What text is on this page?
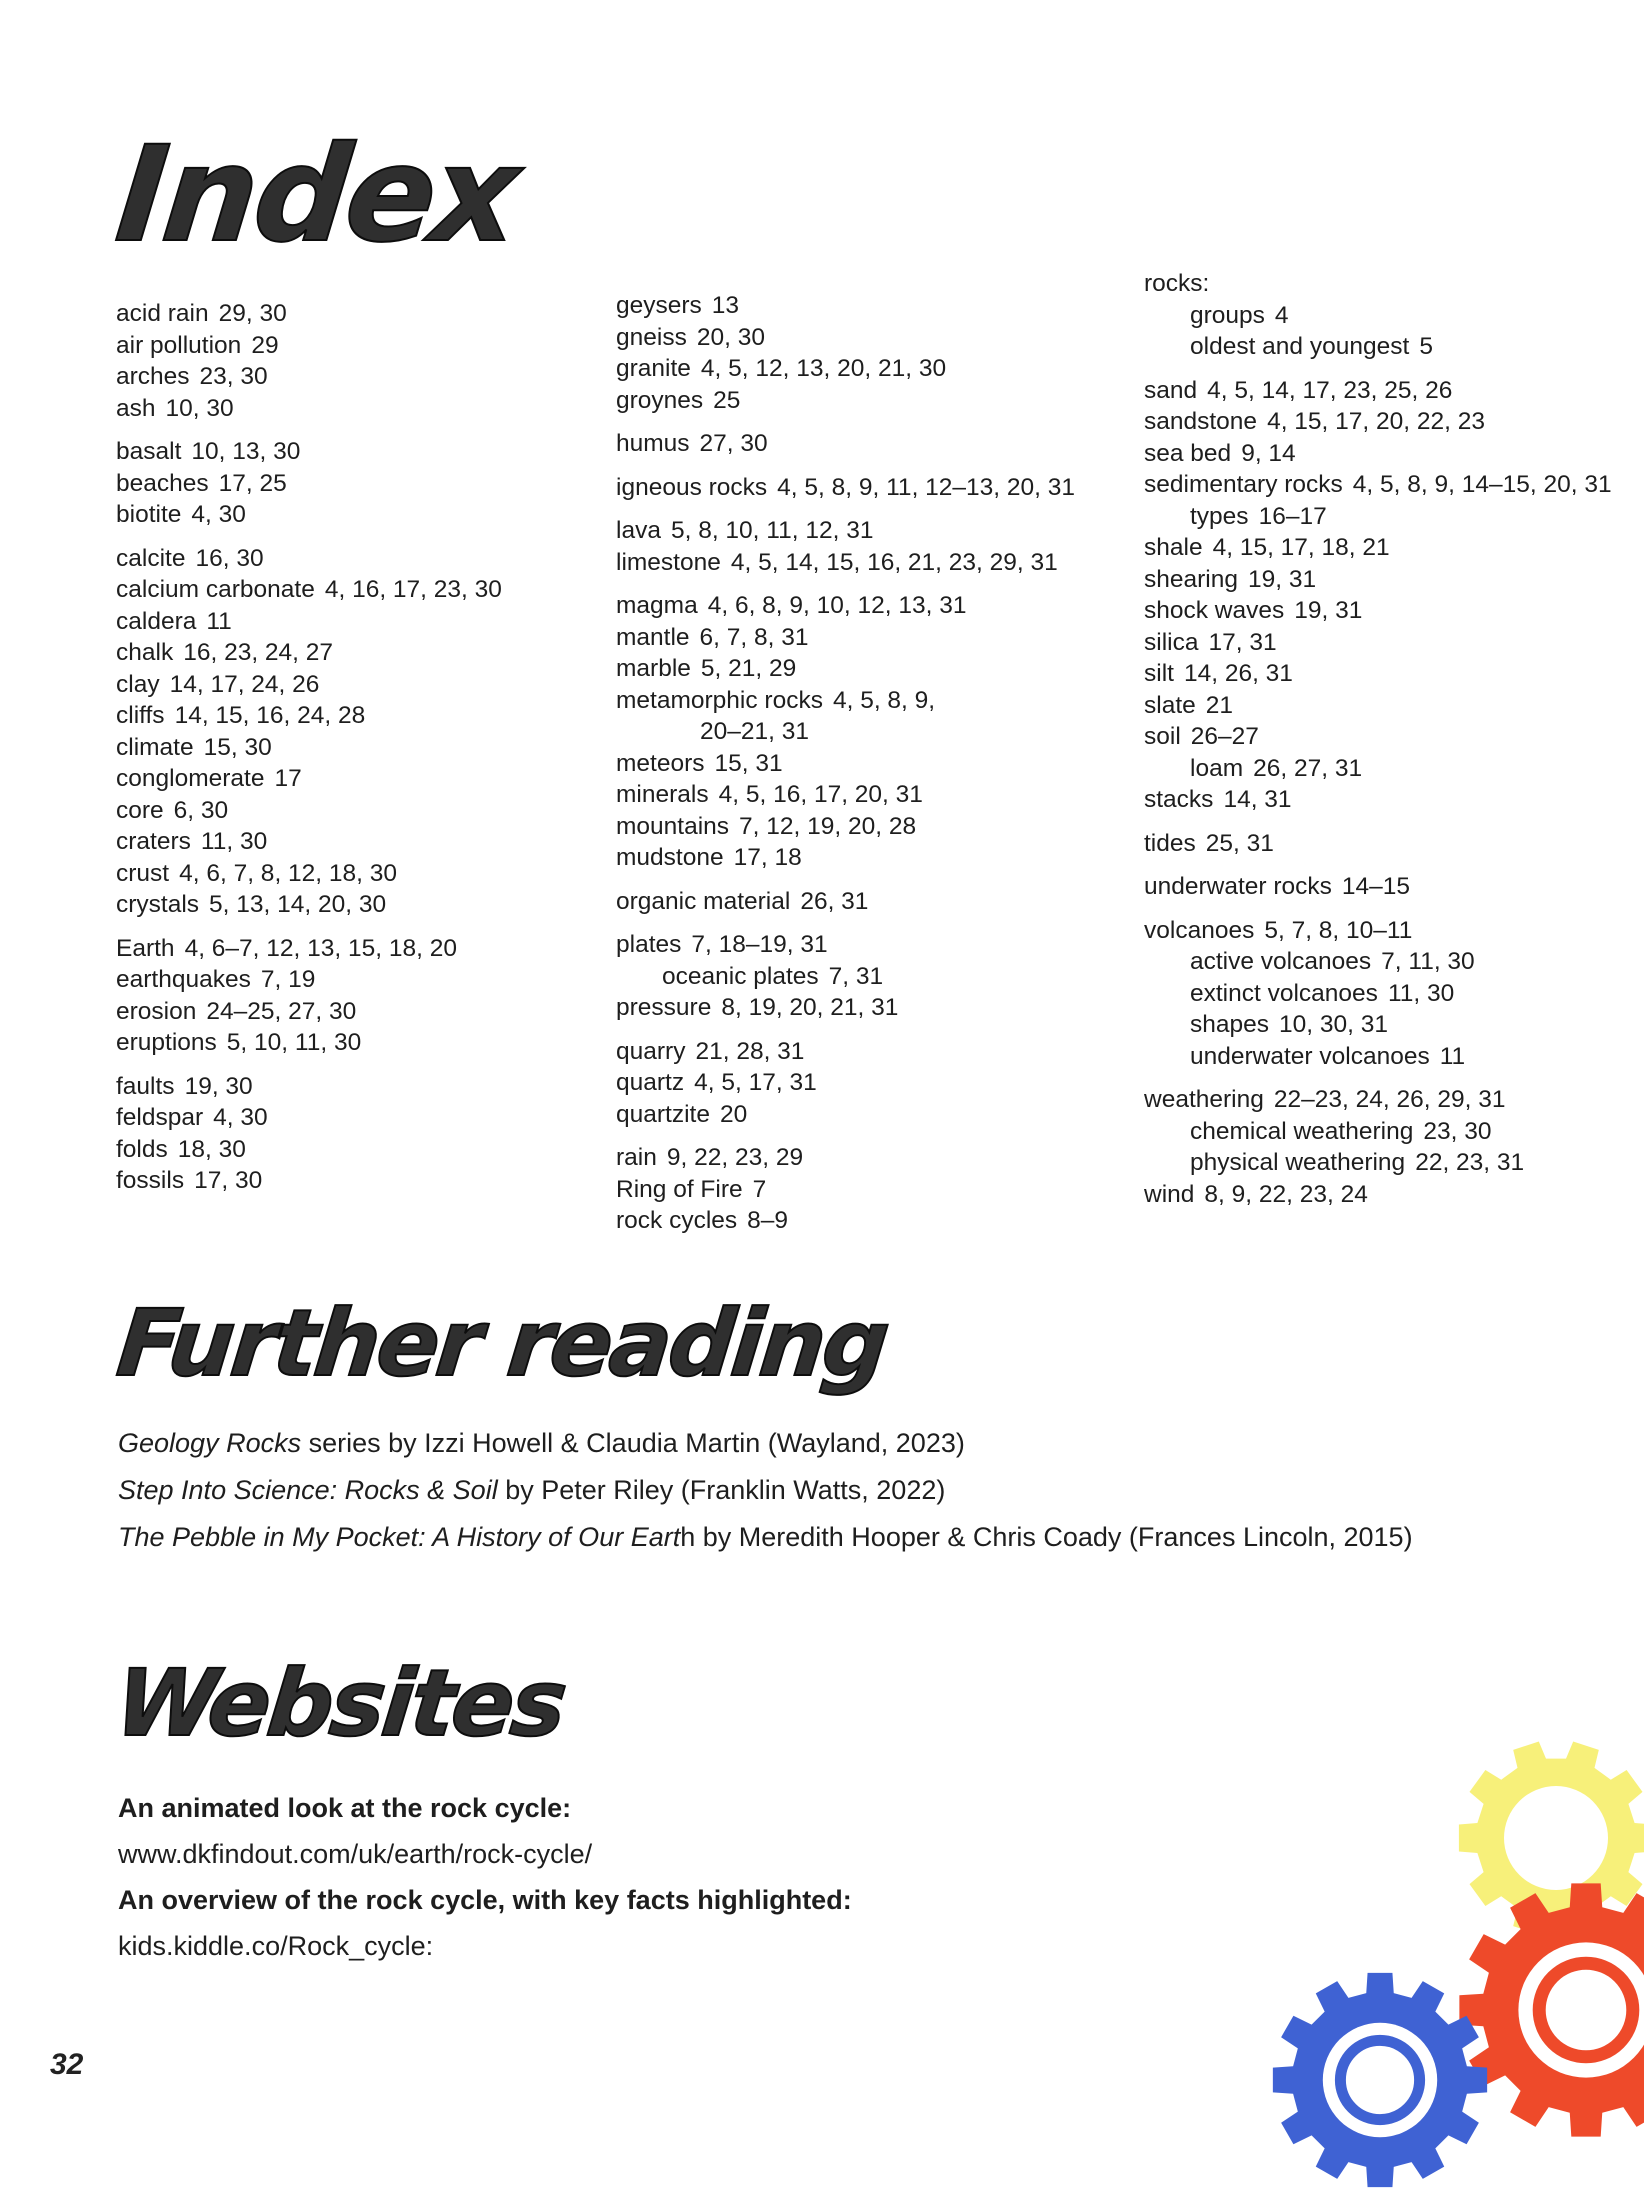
Index
acid rain 29, 30
air pollution 29
arches 23, 30
ash 10, 30
basalt 10, 13, 30
beaches 17, 25
biotite 4, 30
calcite 16, 30
calcium carbonate 4, 16, 17, 23, 30
caldera 11
chalk 16, 23, 24, 27
clay 14, 17, 24, 26
cliffs 14, 15, 16, 24, 28
climate 15, 30
conglomerate 17
core 6, 30
craters 11, 30
crust 4, 6, 7, 8, 12, 18, 30
crystals 5, 13, 14, 20, 30
Earth 4, 6–7, 12, 13, 15, 18, 20
earthquakes 7, 19
erosion 24–25, 27, 30
eruptions 5, 10, 11, 30
faults 19, 30
feldspar 4, 30
folds 18, 30
fossils 17, 30
geysers 13
gneiss 20, 30
granite 4, 5, 12, 13, 20, 21, 30
groynes 25
humus 27, 30
igneous rocks 4, 5, 8, 9, 11, 12–13, 20, 31
lava 5, 8, 10, 11, 12, 31
limestone 4, 5, 14, 15, 16, 21, 23, 29, 31
magma 4, 6, 8, 9, 10, 12, 13, 31
mantle 6, 7, 8, 31
marble 5, 21, 29
metamorphic rocks 4, 5, 8, 9,
20–21, 31
meteors 15, 31
minerals 4, 5, 16, 17, 20, 31
mountains 7, 12, 19, 20, 28
mudstone 17, 18
organic material 26, 31
plates 7, 18–19, 31
oceanic plates 7, 31
pressure 8, 19, 20, 21, 31
quarry 21, 28, 31
quartz 4, 5, 17, 31
quartzite 20
rain 9, 22, 23, 29
Ring of Fire 7
rock cycles 8–9
rocks:
groups 4
oldest and youngest 5
sand 4, 5, 14, 17, 23, 25, 26
sandstone 4, 15, 17, 20, 22, 23
sea bed 9, 14
sedimentary rocks 4, 5, 8, 9, 14–15, 20, 31
types 16–17
shale 4, 15, 17, 18, 21
shearing 19, 31
shock waves 19, 31
silica 17, 31
silt 14, 26, 31
slate 21
soil 26–27
loam 26, 27, 31
stacks 14, 31
tides 25, 31
underwater rocks 14–15
volcanoes 5, 7, 8, 10–11
active volcanoes 7, 11, 30
extinct volcanoes 11, 30
shapes 10, 30, 31
underwater volcanoes 11
weathering 22–23, 24, 26, 29, 31
chemical weathering 23, 30
physical weathering 22, 23, 31
wind 8, 9, 22, 23, 24
Further reading
Geology Rocks series by Izzi Howell & Claudia Martin (Wayland, 2023)
Step Into Science: Rocks & Soil by Peter Riley (Franklin Watts, 2022)
The Pebble in My Pocket: A History of Our Earth by Meredith Hooper & Chris Coady (Frances Lincoln, 2015)
Websites
An animated look at the rock cycle:
www.dkfindout.com/uk/earth/rock-cycle/
An overview of the rock cycle, with key facts highlighted:
kids.kiddle.co/Rock_cycle:
32
